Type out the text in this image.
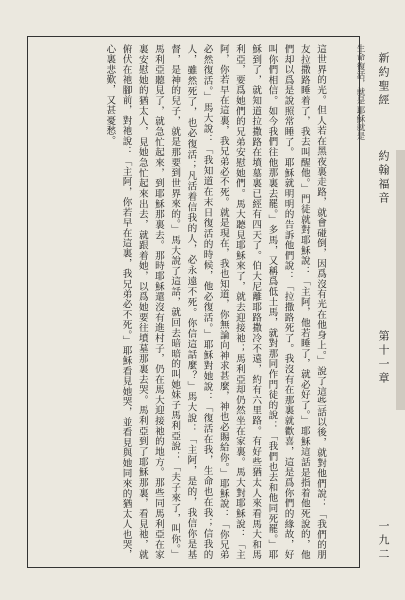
新約聖經
約翰福音
第十一章
一九二
耶穌就是
復活，就是
生命

這世界的光。但人若在黑夜裏走路，就會碰倒，因爲沒有光在他身上。」說了這些話以後，就對他們說：「我們的朋友拉撒路睡着了，我去叫醒他。」門徒就對耶穌說：「主阿，他若睡了，就必好了。」耶穌這話是指着他死說的，他們却以爲是說照常睡了。耶穌就明明的告訴他們說：「拉撒路死了。我沒有在那裏就歡喜，這是爲你們的緣故，好叫你們相信。如今我們往他那裏去罷。」多馬，又稱爲低土馬，就對那同作門徒的說：「我們也去和他同死罷。」耶穌到了，就知道拉撒路在墳墓裏已經有四天了。伯大尼離耶路撒冷不遠，約有六里路。有好些猶太人來看馬大和馬利亞，要爲她們的兄弟安慰她們。馬大聽見耶穌來了，就去迎接祂；馬利亞却仍然坐在家裏。馬大對耶穌說：「主阿，你若早在這裏，我兄弟必不死。就是現在，我也知道，你無論向神求甚麼，神也必賜給你。」耶穌說：「你兄弟必然復活。」馬大說：「我知道在末日復活的時候，他必復活。」耶穌對她說：「復活在我，生命也在我；信我的人，雖然死了，也必復活；凡活着信我的人，必永遠不死。你信這話麼？」馬大說：「主阿，是的，我信你是基督，是神的兒子，就是那要到世界來的。」馬大說了這話，就回去暗暗的叫她妹子馬利亞說：「夫子來了，叫你。」馬利亞聽見了，就急忙起來，到耶穌那裏去。那時耶穌還沒有進村子，仍在馬大迎接祂的地方。那些同馬利亞在家裏安慰她的猶太人，見她急忙起來出去，就跟着她，以爲她要往墳墓那裏去哭。馬利亞到了耶穌那裏，看見祂，就俯伏在祂腳前，對祂說：「主阿，你若早在這裏，我兄弟必不死。」耶穌看見她哭，並看見與她同來的猶太人也哭，心裏悲歎，又甚憂愁。
